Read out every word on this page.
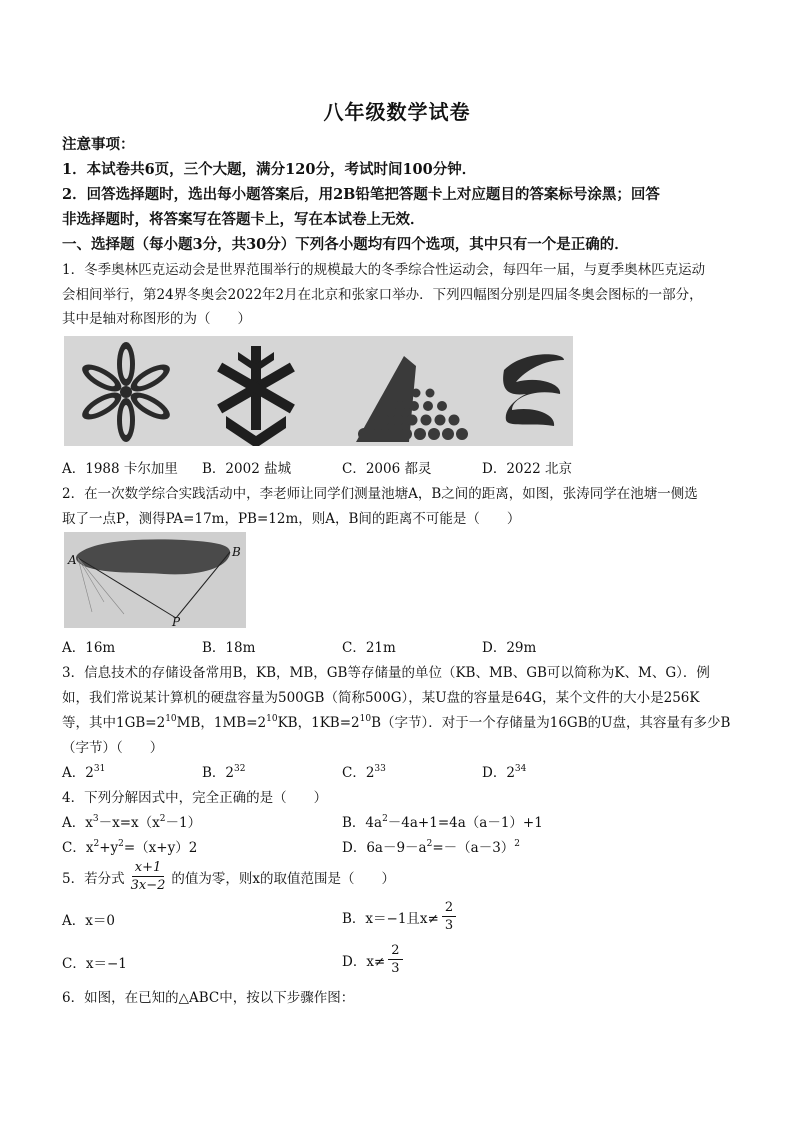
八年级数学试卷
注意事项：
1．本试卷共6页，三个大题，满分120分，考试时间100分钟．
2．回答选择题时，选出每小题答案后，用2B铅笔把答题卡上对应题目的答案标号涂黑；回答
非选择题时，将答案写在答题卡上，写在本试卷上无效．
一、选择题（每小题3分，共30分）下列各小题均有四个选项，其中只有一个是正确的．
1．冬季奥林匹克运动会是世界范围举行的规模最大的冬季综合性运动会，每四年一届，与夏季奥林匹克运动
会相间举行，第24界冬奥会2022年2月在北京和张家口举办．下列四幅图分别是四届冬奥会图标的一部分，
其中是轴对称图形的为（　　）
A．1988 卡尔加里 B．2002 盐城	C．2006 都灵	D．2022 北京
2．在一次数学综合实践活动中，李老师让同学们测量池塘A，B之间的距离，如图，张涛同学在池塘一侧选
取了一点P，测得PA=17m，PB=12m，则A，B间的距离不可能是（　　）
A
B
P
A．16m	B．18m	C．21m	D．29m
3．信息技术的存储设备常用B，KB，MB，GB等存储量的单位（KB、MB、GB可以简称为K、M、G）．例
如，我们常说某计算机的硬盘容量为500GB（简称500G），某U盘的容量是64G，某个文件的大小是256K
等，其中$1GB=2^{10}MB$，$1MB=2^{10}KB$，$1KB=2^{10}B$（字节）．对于一个存储量为16GB的U盘，其容量有多少B
（字节）（　　）
A．$2^{31}$	B．$2^{32}$	C．$2^{33}$	D．$2^{34}$
4．下列分解因式中，完全正确的是（　　）
A．$x^3-x=x(x^2-1)$	B．$4a^2-4a+1=4a(a-1)+1$
C．$x^2+y^2=(x+y)2$	D．$6a-9-a^2=-(a-3)^2$
5．若分式 $\frac{x+1}{3x-2}$ 的值为零，则x的取值范围是（　　）
A．x＝0	B．x＝−1且$x\ne \frac{2}{3}$
C．x＝−1	D．$x\ne \frac{2}{3}$
6．如图，在已知的△ABC中，按以下步骤作图：
